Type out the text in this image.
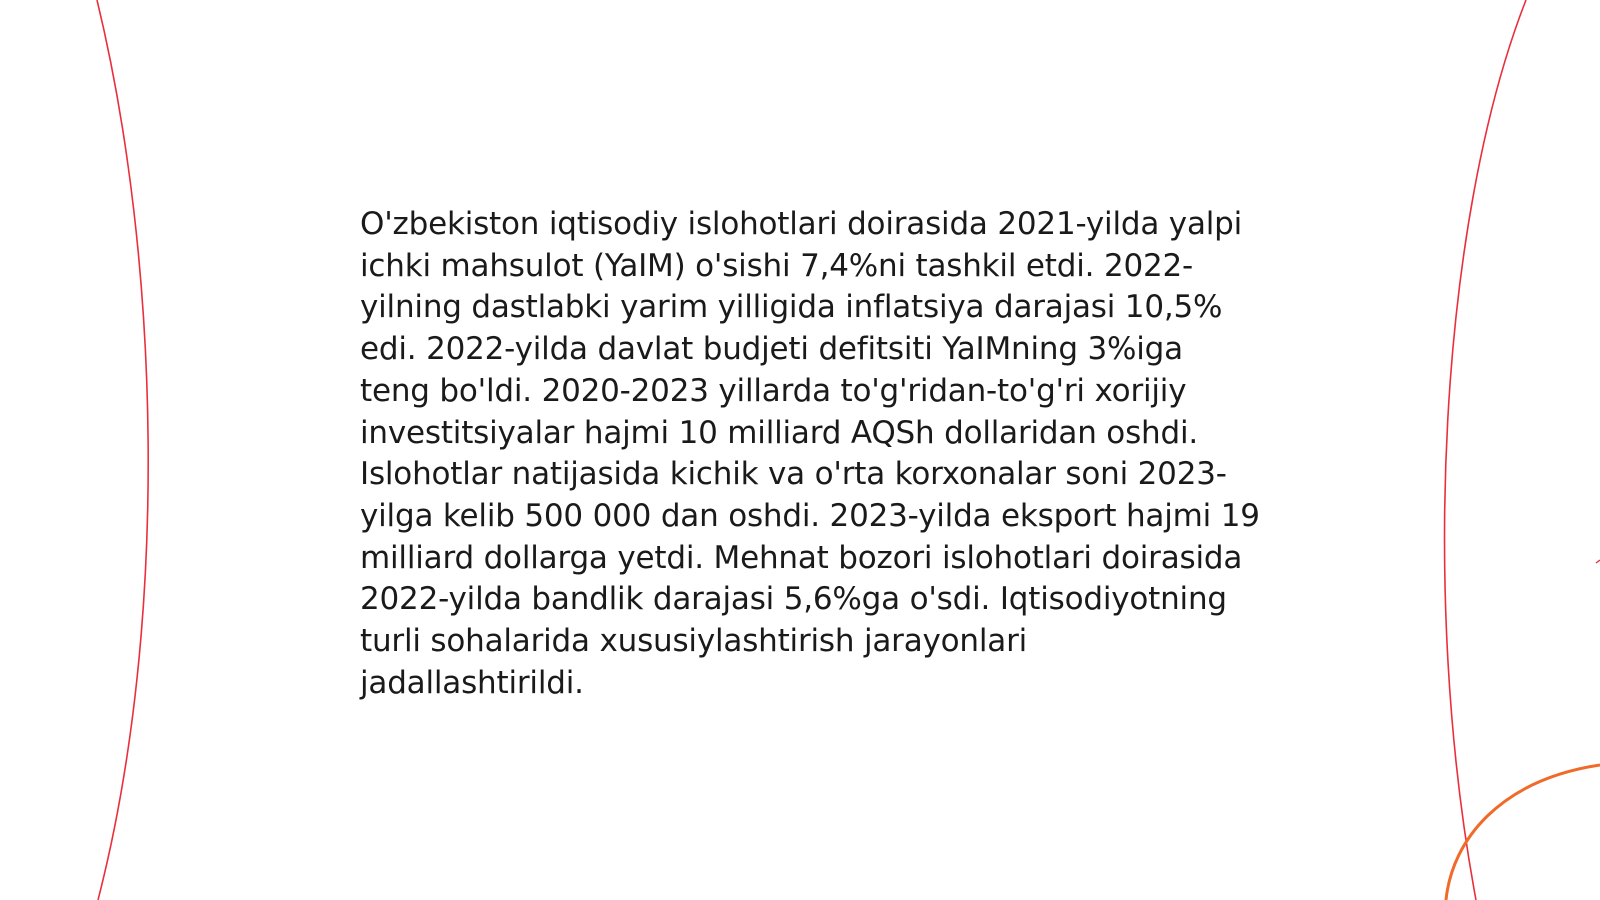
O'zbekiston iqtisodiy islohotlari doirasida 2021-yilda yalpi ichki mahsulot (YaIM) o'sishi 7,4%ni tashkil etdi. 2022-yilning dastlabki yarim yilligida inflatsiya darajasi 10,5% edi. 2022-yilda davlat budjeti defitsiti YaIMning 3%iga teng bo'ldi. 2020-2023 yillarda to'g'ridan-to'g'ri xorijiy investitsiyalar hajmi 10 milliard AQSh dollaridan oshdi. Islohotlar natijasida kichik va o'rta korxonalar soni 2023-yilga kelib 500 000 dan oshdi. 2023-yilda eksport hajmi 19 milliard dollarga yetdi. Mehnat bozori islohotlari doirasida 2022-yilda bandlik darajasi 5,6%ga o'sdi. Iqtisodiyotning turli sohalarida xususiylashtirish jarayonlari jadallashtirildi.
